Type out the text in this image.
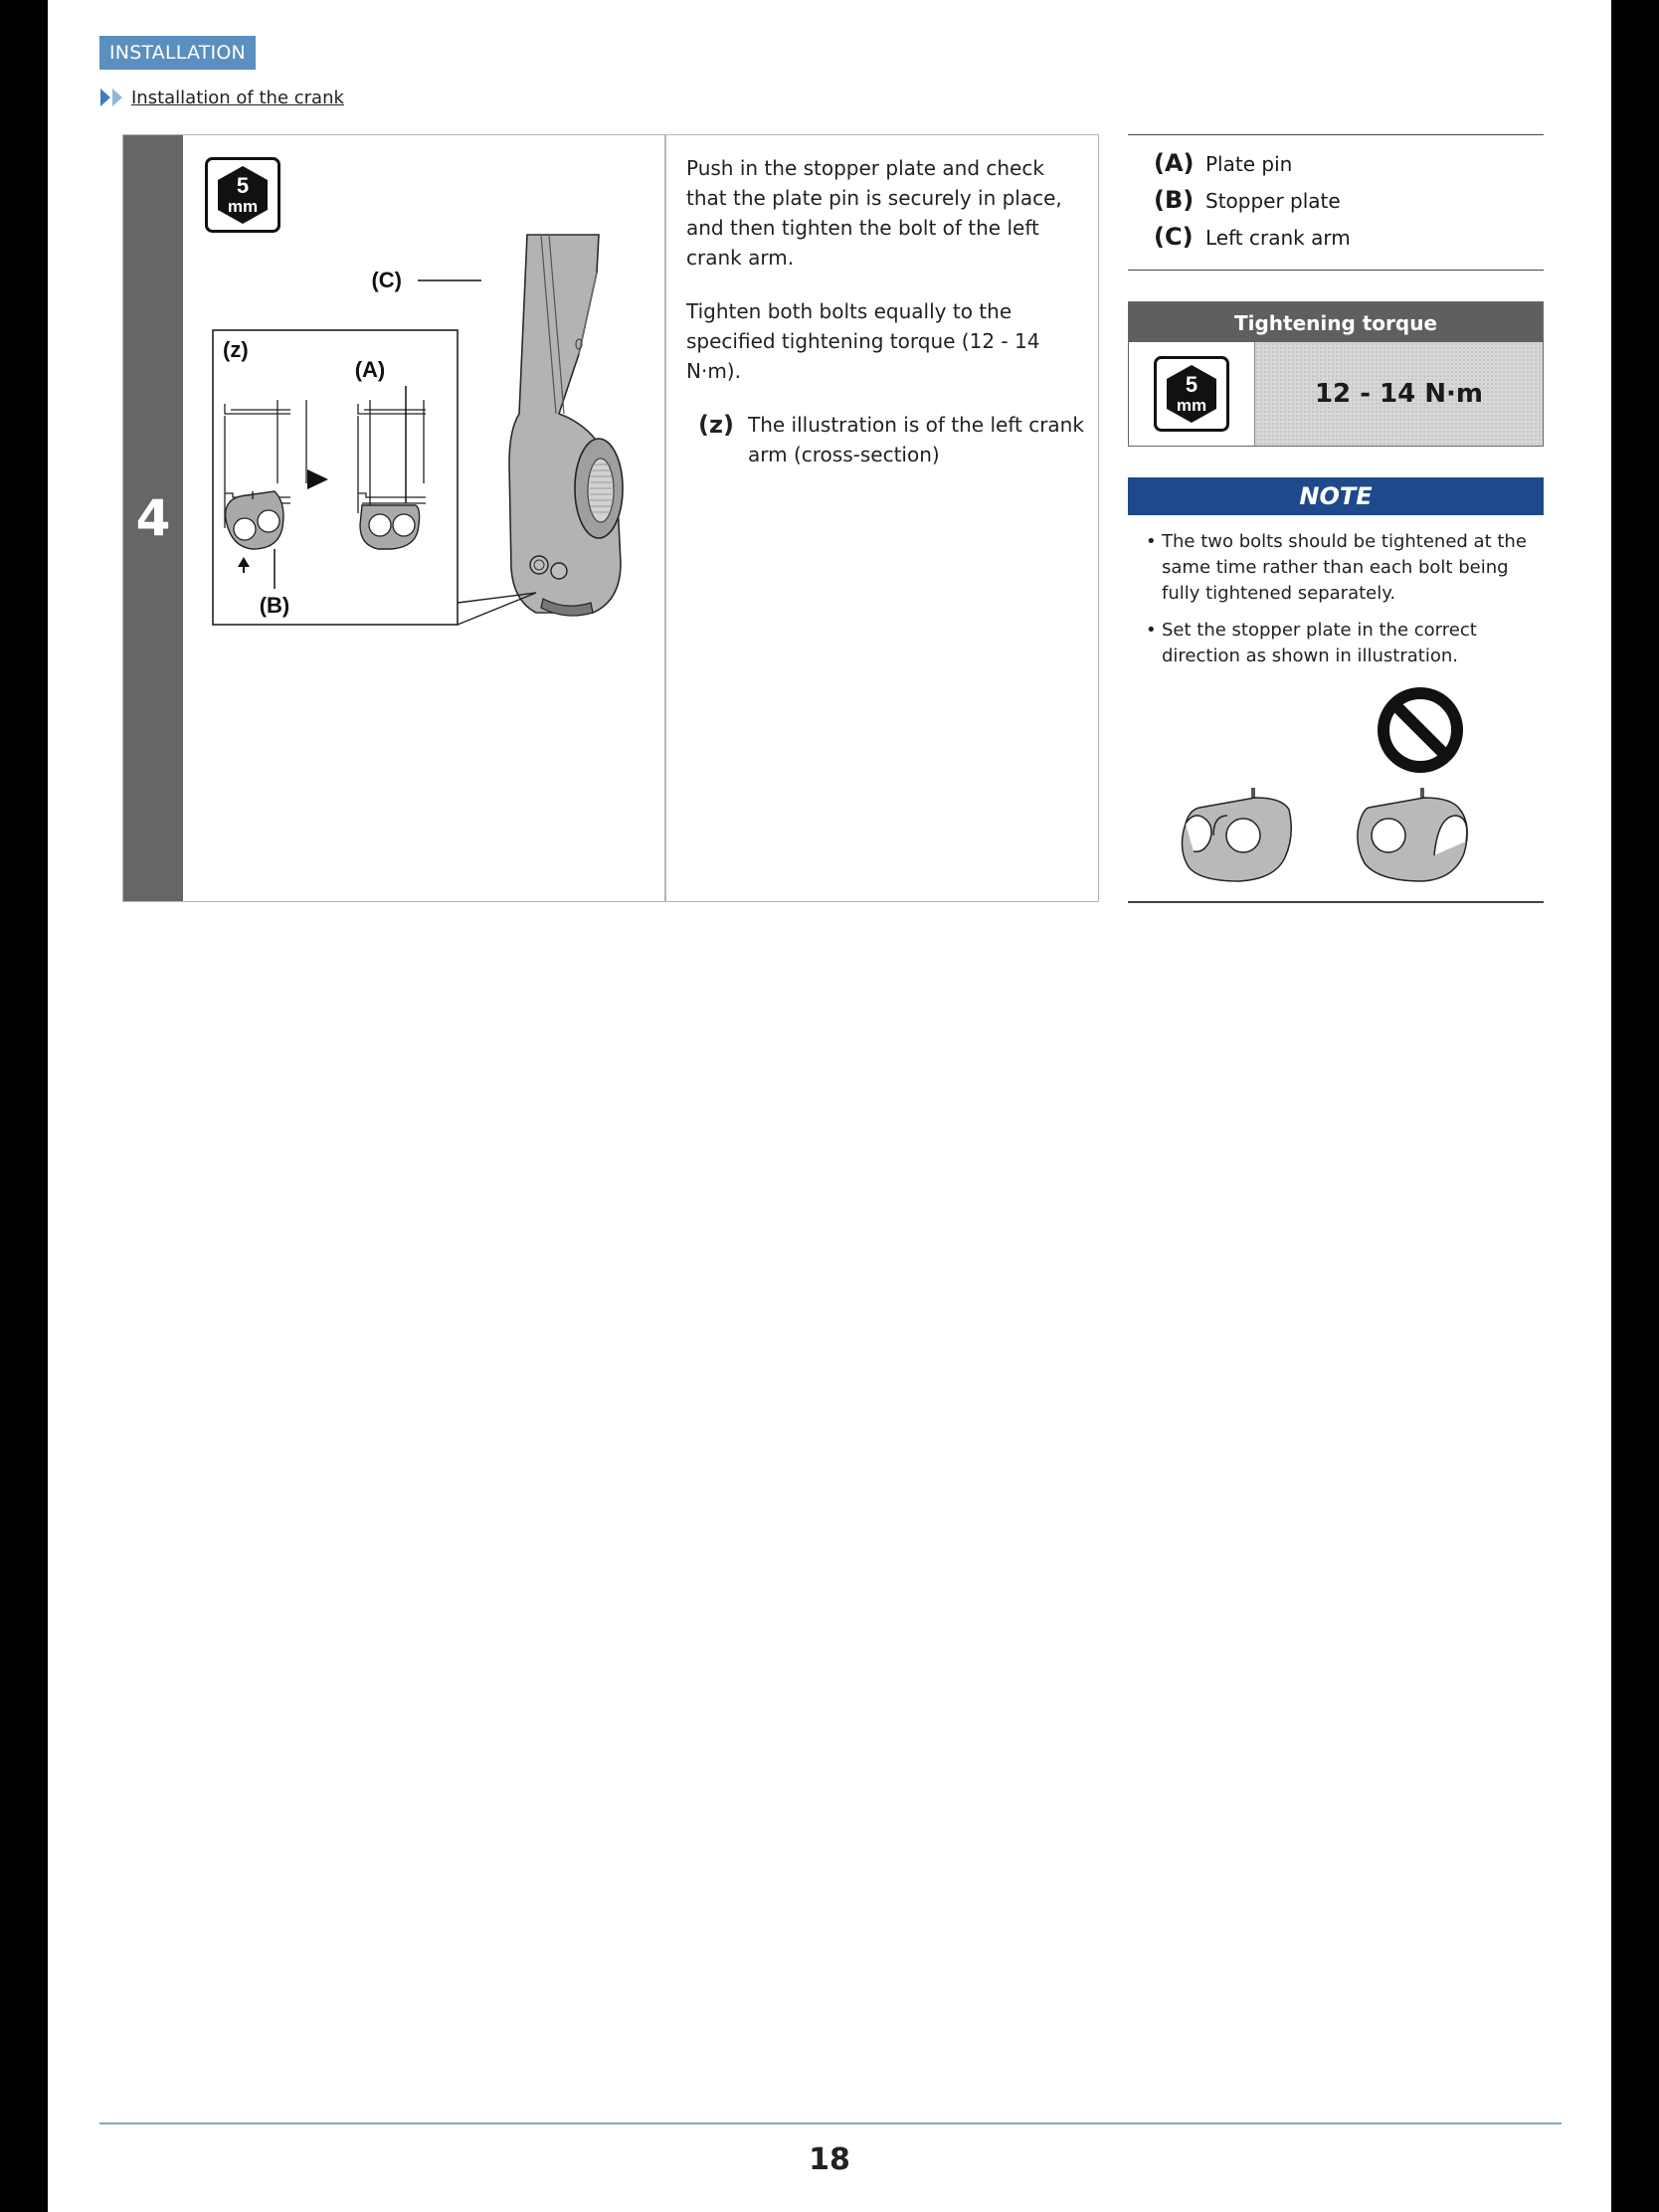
INSTALLATION
Installation of the crank
4
5
mm
(C)
(z)
(A)
(B)

Push in the stopper plate and check that the plate pin is securely in place, and then tighten the bolt of the left crank arm.

Tighten both bolts equally to the specified tightening torque (12 - 14 N·m).

(z) The illustration is of the left crank arm (cross-section)
(A) Plate pin
(B) Stopper plate
(C) Left crank arm
Tightening torque
5
mm	12 - 14 N·m
NOTE
• The two bolts should be tightened at the same time rather than each bolt being fully tightened separately.
• Set the stopper plate in the correct direction as shown in illustration.
18
